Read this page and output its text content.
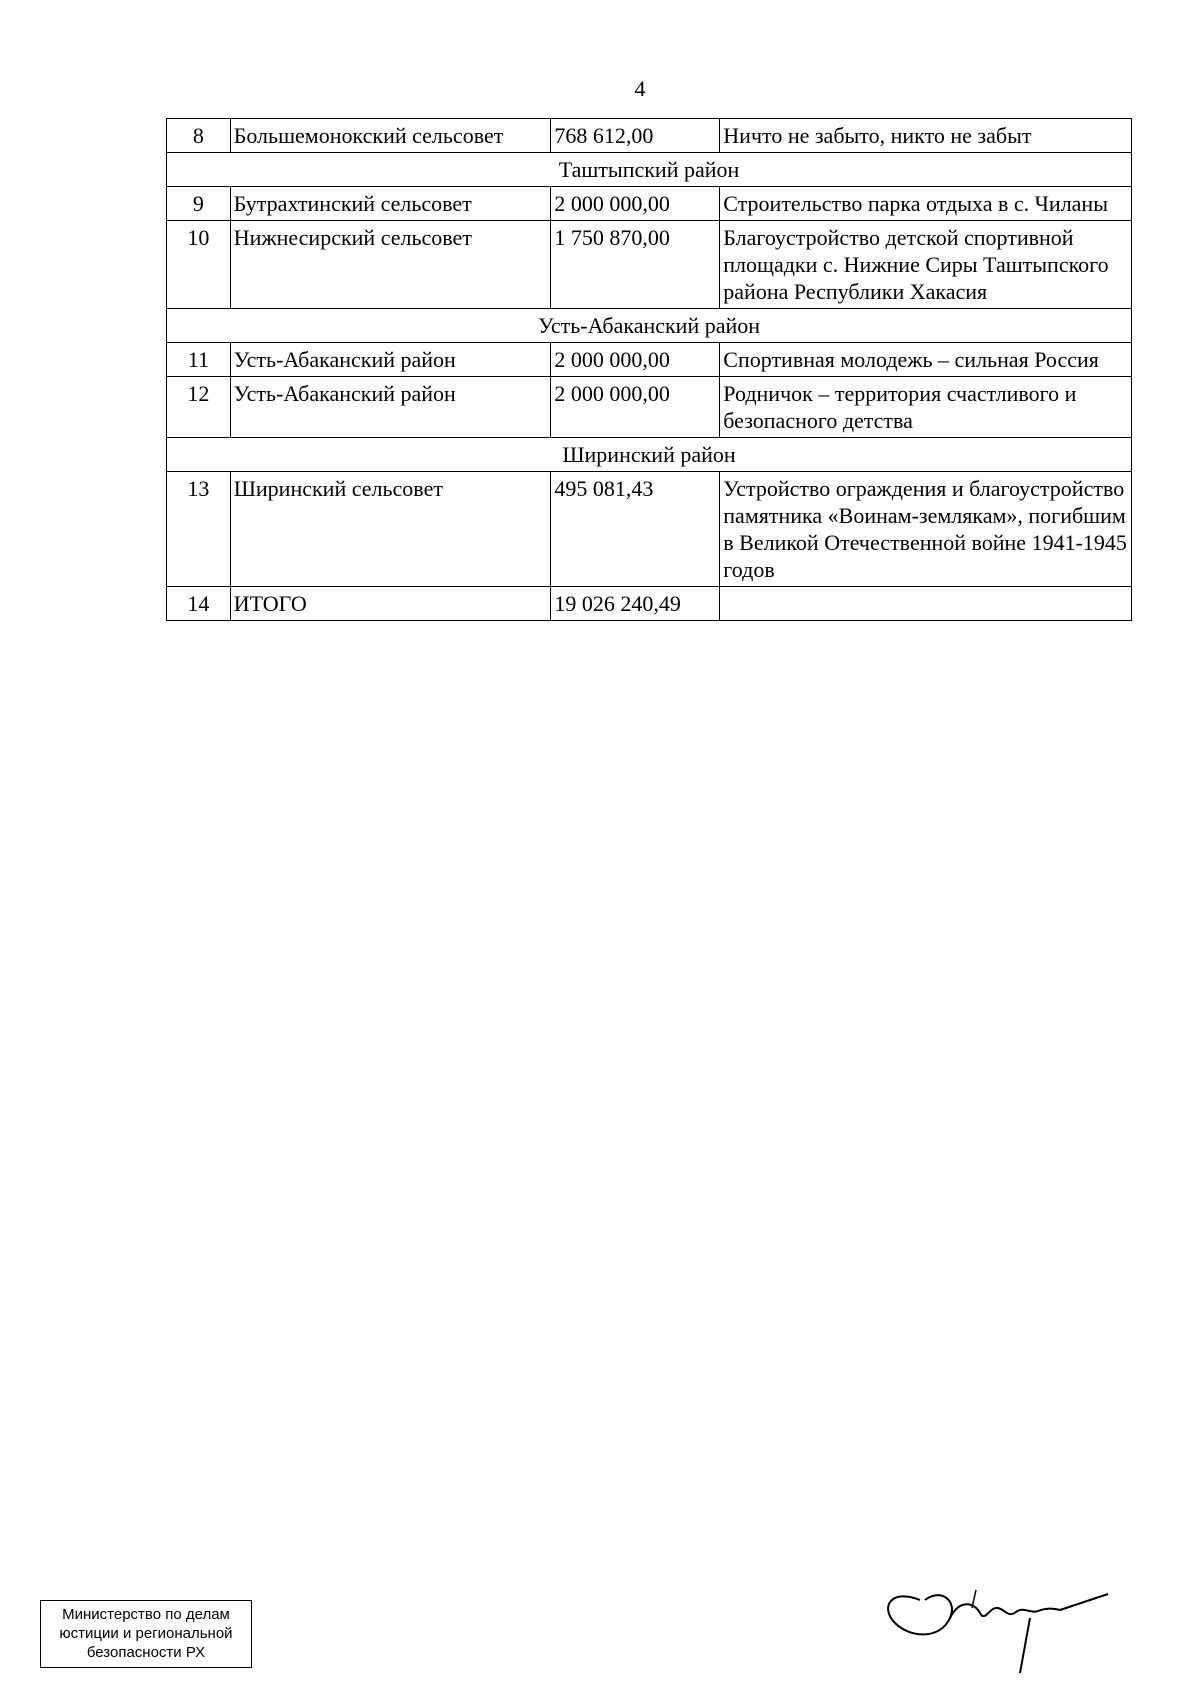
4
8	Большемонокский сельсовет	768 612,00	Ничто не забыто, никто не забыт
Таштыпский район			
9	Бутрахтинский сельсовет	2 000 000,00	Строительство парка отдыха в с. Чиланы
10	Нижнесирский сельсовет	1 750 870,00	Благоустройство детской спортивной площадки с. Нижние Сиры Таштыпского района Республики Хакасия
Усть-Абаканский район			
11	Усть-Абаканский район	2 000 000,00	Спортивная молодежь – сильная Россия
12	Усть-Абаканский район	2 000 000,00	Родничок – территория счастливого и безопасного детства
Ширинский район			
13	Ширинский сельсовет	495 081,43	Устройство ограждения и благоустройство памятника «Воинам-землякам», погибшим в Великой Отечественной войне 1941-1945 годов
14	ИТОГО	19 026 240,49	
Министерство по делам
юстиции и региональной
безопасности РХ
